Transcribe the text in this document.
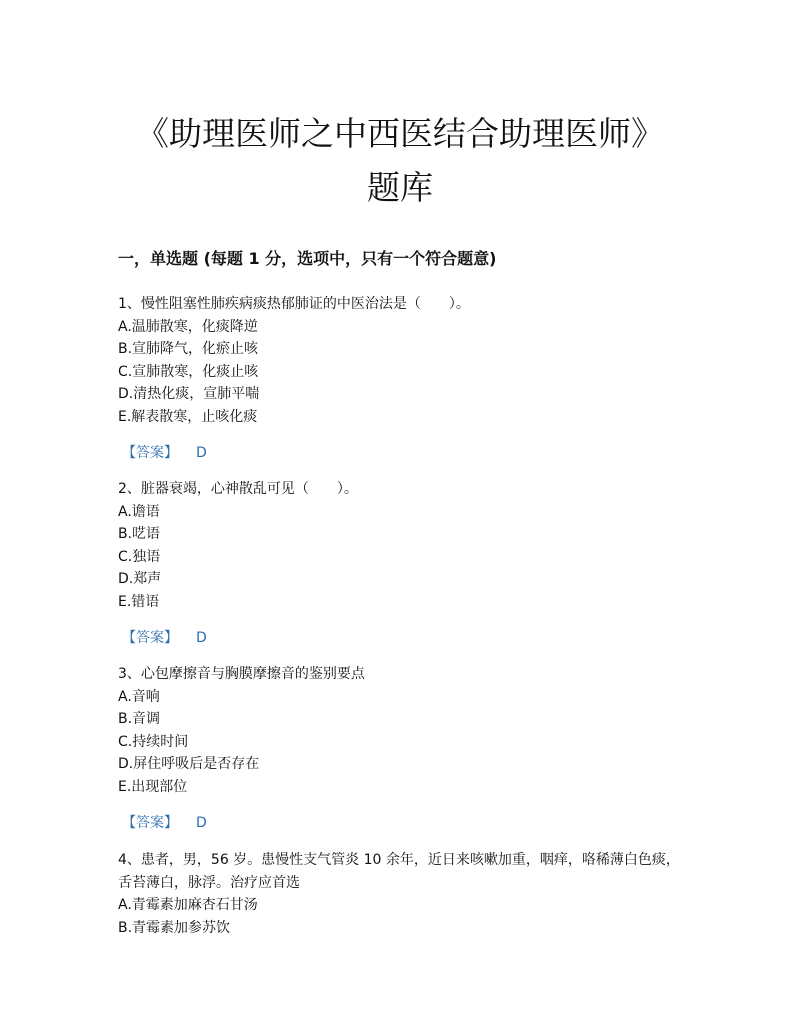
《助理医师之中西医结合助理医师》
题库
一，单选题 (每题 1 分，选项中，只有一个符合题意)
1、慢性阻塞性肺疾病痰热郁肺证的中医治法是（　　）。
A.温肺散寒，化痰降逆
B.宣肺降气，化瘀止咳
C.宣肺散寒，化痰止咳
D.清热化痰，宣肺平喘
E.解表散寒，止咳化痰
【答案】 D
2、脏器衰竭，心神散乱可见（　　）。
A.谵语
B.呓语
C.独语
D.郑声
E.错语
【答案】 D
3、心包摩擦音与胸膜摩擦音的鉴别要点
A.音响
B.音调
C.持续时间
D.屏住呼吸后是否存在
E.出现部位
【答案】 D
4、患者，男，56 岁。患慢性支气管炎 10 余年，近日来咳嗽加重，咽痒，咯稀薄白色痰，舌苔薄白，脉浮。治疗应首选
A.青霉素加麻杏石甘汤
B.青霉素加参苏饮
